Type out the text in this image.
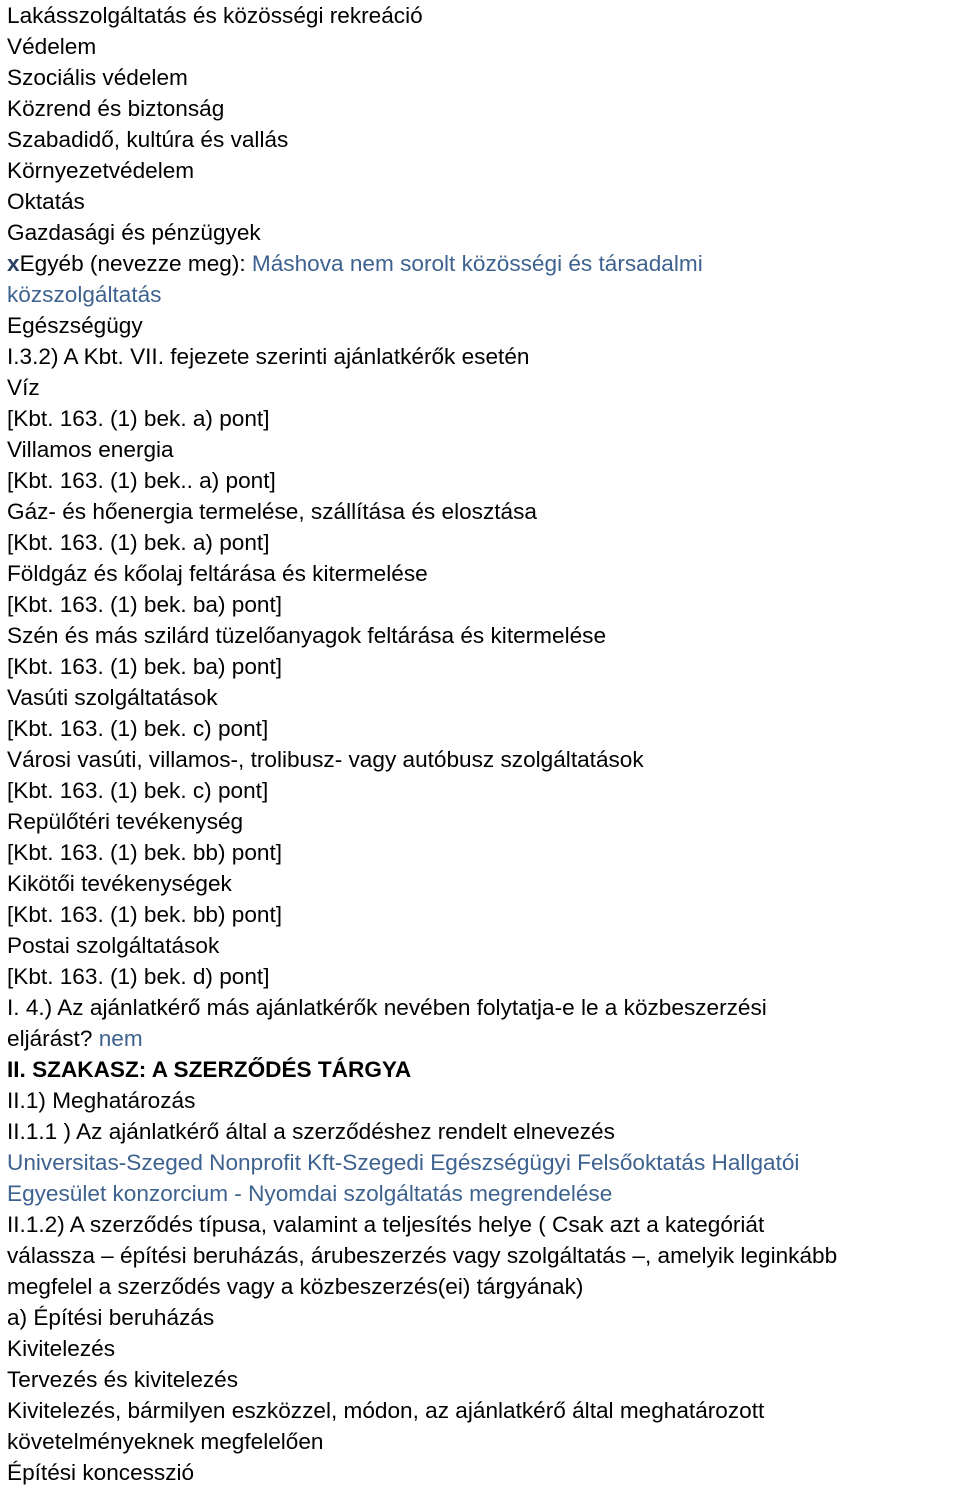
Lakásszolgáltatás és közösségi rekreáció
Védelem
Szociális védelem
Közrend és biztonság
Szabadidő, kultúra és vallás
Környezetvédelem
Oktatás
Gazdasági és pénzügyek
xEgyéb (nevezze meg): Máshova nem sorolt közösségi és társadalmi
közszolgáltatás
Egészségügy
I.3.2) A Kbt. VII. fejezete szerinti ajánlatkérők esetén
Víz
[Kbt. 163. (1) bek. a) pont]
Villamos energia
[Kbt. 163. (1) bek.. a) pont]
Gáz- és hőenergia termelése, szállítása és elosztása
[Kbt. 163. (1) bek. a) pont]
Földgáz és kőolaj feltárása és kitermelése
[Kbt. 163. (1) bek. ba) pont]
Szén és más szilárd tüzelőanyagok feltárása és kitermelése
[Kbt. 163. (1) bek. ba) pont]
Vasúti szolgáltatások
[Kbt. 163. (1) bek. c) pont]
Városi vasúti, villamos-, trolibusz- vagy autóbusz szolgáltatások
[Kbt. 163. (1) bek. c) pont]
Repülőtéri tevékenység
[Kbt. 163. (1) bek. bb) pont]
Kikötői tevékenységek
[Kbt. 163. (1) bek. bb) pont]
Postai szolgáltatások
[Kbt. 163. (1) bek. d) pont]
I. 4.) Az ajánlatkérő más ajánlatkérők nevében folytatja-e le a közbeszerzési
eljárást? nem
II. SZAKASZ: A SZERZŐDÉS TÁRGYA
II.1) Meghatározás
II.1.1 ) Az ajánlatkérő által a szerződéshez rendelt elnevezés
Universitas-Szeged Nonprofit Kft-Szegedi Egészségügyi Felsőoktatás Hallgatói
Egyesület konzorcium - Nyomdai szolgáltatás megrendelése
II.1.2) A szerződés típusa, valamint a teljesítés helye ( Csak azt a kategóriát
válassza – építési beruházás, árubeszerzés vagy szolgáltatás –, amelyik leginkább
megfelel a szerződés vagy a közbeszerzés(ei) tárgyának)
a) Építési beruházás
Kivitelezés
Tervezés és kivitelezés
Kivitelezés, bármilyen eszközzel, módon, az ajánlatkérő által meghatározott
követelményeknek megfelelően
Építési koncesszió
